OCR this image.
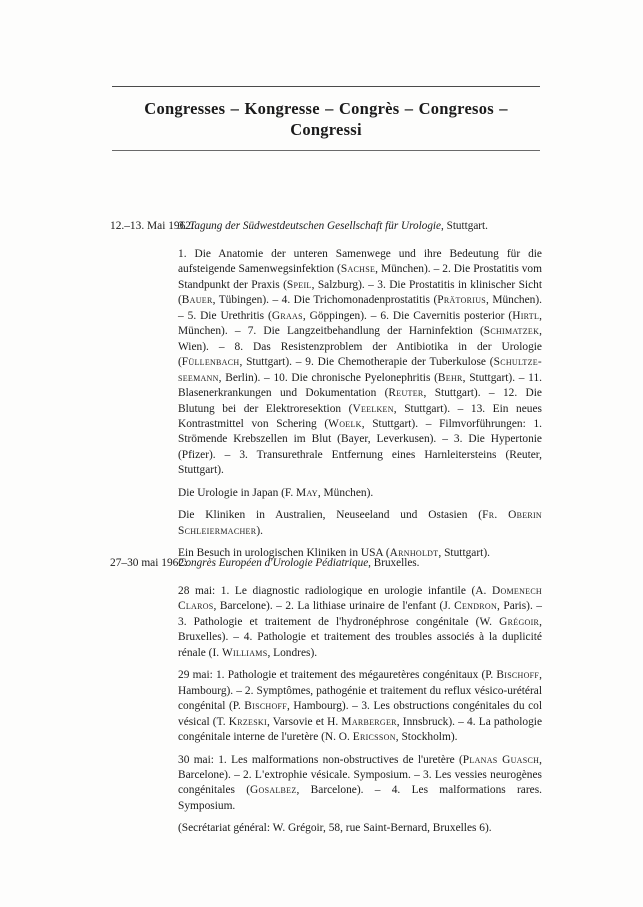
Congresses – Kongresse – Congrès – Congresos – Congressi
12.–13. Mai 1962:
3. Tagung der Südwestdeutschen Gesellschaft für Urologie, Stuttgart.

1. Die Anatomie der unteren Samenwege und ihre Bedeutung für die aufsteigende Samenwegsinfektion (Sachse, München). – 2. Die Prostatitis vom Standpunkt der Praxis (Speil, Salzburg). – 3. Die Prostatitis in klinischer Sicht (Bauer, Tübingen). – 4. Die Trichomonadenprostatitis (Prätorius, München). – 5. Die Urethritis (Graas, Göppingen). – 6. Die Cavernitis posterior (Hirtl, München). – 7. Die Langzeitbehandlung der Harninfektion (Schimatzek, Wien). – 8. Das Resistenzproblem der Antibiotika in der Urologie (Füllenbach, Stuttgart). – 9. Die Chemotherapie der Tuberkulose (Schultze-seemann, Berlin). – 10. Die chronische Pyelonephritis (Behr, Stuttgart). – 11. Blasenerkrankungen und Dokumentation (Reuter, Stuttgart). – 12. Die Blutung bei der Elektroresektion (Veelken, Stuttgart). – 13. Ein neues Kontrastmittel von Schering (Woelk, Stuttgart). – Filmvorführungen: 1. Strömende Krebszellen im Blut (Bayer, Leverkusen). – 3. Die Hypertonie (Pfizer). – 3. Transurethrale Entfernung eines Harnleitersteins (Reuter, Stuttgart).

Die Urologie in Japan (F. May, München).

Die Kliniken in Australien, Neuseeland und Ostasien (Fr. Oberin Schleiermacher).

Ein Besuch in urologischen Kliniken in USA (Arnholdt, Stuttgart).

27–30 mai 1962:
Congrès Européen d'Urologie Pédiatrique, Bruxelles.

28 mai: 1. Le diagnostic radiologique en urologie infantile (A. Domenech Claros, Barcelone). – 2. La lithiase urinaire de l'enfant (J. Cendron, Paris). – 3. Pathologie et traitement de l'hydronéphrose congénitale (W. Grégoir, Bruxelles). – 4. Pathologie et traitement des troubles associés à la duplicité rénale (I. Williams, Londres).

29 mai: 1. Pathologie et traitement des mégauretères congénitaux (P. Bischoff, Hambourg). – 2. Symptômes, pathogénie et traitement du reflux vésico-urétéral congénital (P. Bischoff, Hambourg). – 3. Les obstructions congénitales du col vésical (T. Krzeski, Varsovie et H. Marberger, Innsbruck). – 4. La pathologie congénitale interne de l'uretère (N. O. Ericsson, Stockholm).

30 mai: 1. Les malformations non-obstructives de l'uretère (Planas Guasch, Barcelone). – 2. L'extrophie vésicale. Symposium. – 3. Les vessies neurogènes congénitales (Gosalbez, Barcelone). – 4. Les malformations rares. Symposium.

(Secrétariat général: W. Grégoir, 58, rue Saint-Bernard, Bruxelles 6).
